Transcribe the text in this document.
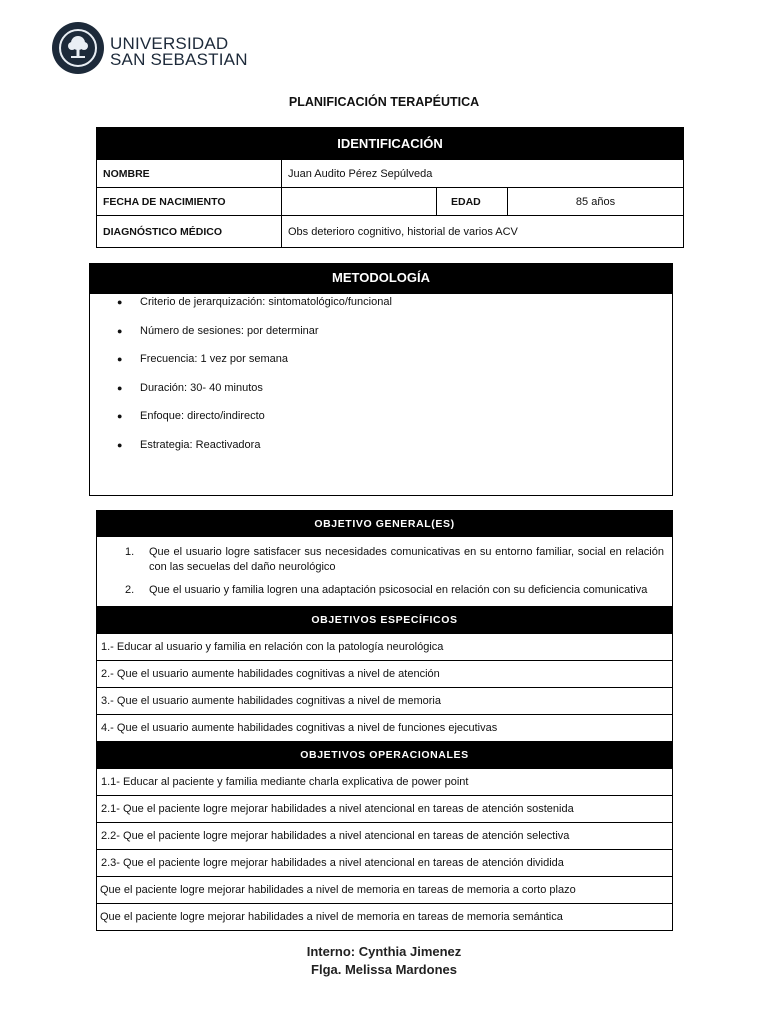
UNIVERSIDAD
SAN SEBASTIAN
PLANIFICACIÓN TERAPÉUTICA
IDENTIFICACIÓN			
NOMBRE	Juan Audito Pérez Sepúlveda		
FECHA DE NACIMIENTO		EDAD	85 años
DIAGNÓSTICO MÉDICO	Obs deterioro cognitivo, historial de varios ACV		
METODOLOGÍA
● Criterio de jerarquización: sintomatológico/funcional
● Número de sesiones: por determinar
● Frecuencia: 1 vez por semana
● Duración: 30- 40 minutos
● Enfoque: directo/indirecto
● Estrategia: Reactivadora
OBJETIVO GENERAL(ES)

1. Que el usuario logre satisfacer sus necesidades comunicativas en su entorno familiar, social en relación con las secuelas del daño neurológico
2. Que el usuario y familia logren una adaptación psicosocial en relación con su deficiencia comunicativa

OBJETIVOS ESPECÍFICOS
1.- Educar al usuario y familia en relación con la patología neurológica
2.- Que el usuario aumente habilidades cognitivas a nivel de atención
3.- Que el usuario aumente habilidades cognitivas a nivel de memoria
4.- Que el usuario aumente habilidades cognitivas a nivel de funciones ejecutivas
OBJETIVOS OPERACIONALES
1.1- Educar al paciente y familia mediante charla explicativa de power point
2.1- Que el paciente logre mejorar habilidades a nivel atencional en tareas de atención sostenida
2.2- Que el paciente logre mejorar habilidades a nivel atencional en tareas de atención selectiva
2.3- Que el paciente logre mejorar habilidades a nivel atencional en tareas de atención dividida
Que el paciente logre mejorar habilidades a nivel de memoria en tareas de memoria a corto plazo
Que el paciente logre mejorar habilidades a nivel de memoria en tareas de memoria semántica
Interno: Cynthia Jimenez
Flga. Melissa Mardones
